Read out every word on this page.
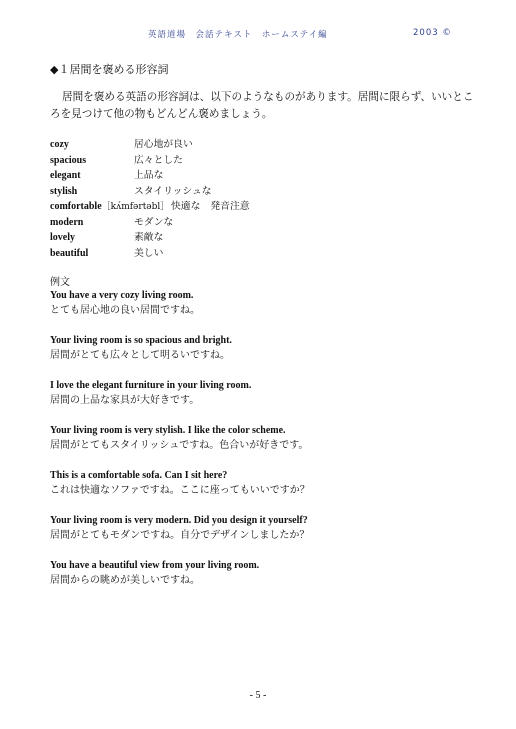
英語道場　会話テキスト　ホームステイ編	2003 ©
◆１居間を褒める形容詞

居間を褒める英語の形容詞は、以下のようなものがあります。居間に限らず、いいところを見つけて他の物もどんどん褒めましょう。

cozy	居心地が良い
spacious	広々とした
elegant	上品な
stylish	スタイリッシュな
comfortable［kʌ́mfərtəbl］ 快適な 発音注意
modern	モダンな
lovely	素敵な
beautiful	美しい
例文
You have a very cozy living room.
とても居心地の良い居間ですね。
Your living room is so spacious and bright.
居間がとても広々として明るいですね。
I love the elegant furniture in your living room.
居間の上品な家具が大好きです。
Your living room is very stylish. I like the color scheme.
居間がとてもスタイリッシュですね。色合いが好きです。
This is a comfortable sofa. Can I sit here?
これは快適なソファですね。ここに座ってもいいですか？
Your living room is very modern. Did you design it yourself?
居間がとてもモダンですね。自分でデザインしましたか？
You have a beautiful view from your living room.
居間からの眺めが美しいですね。
- 5 -
